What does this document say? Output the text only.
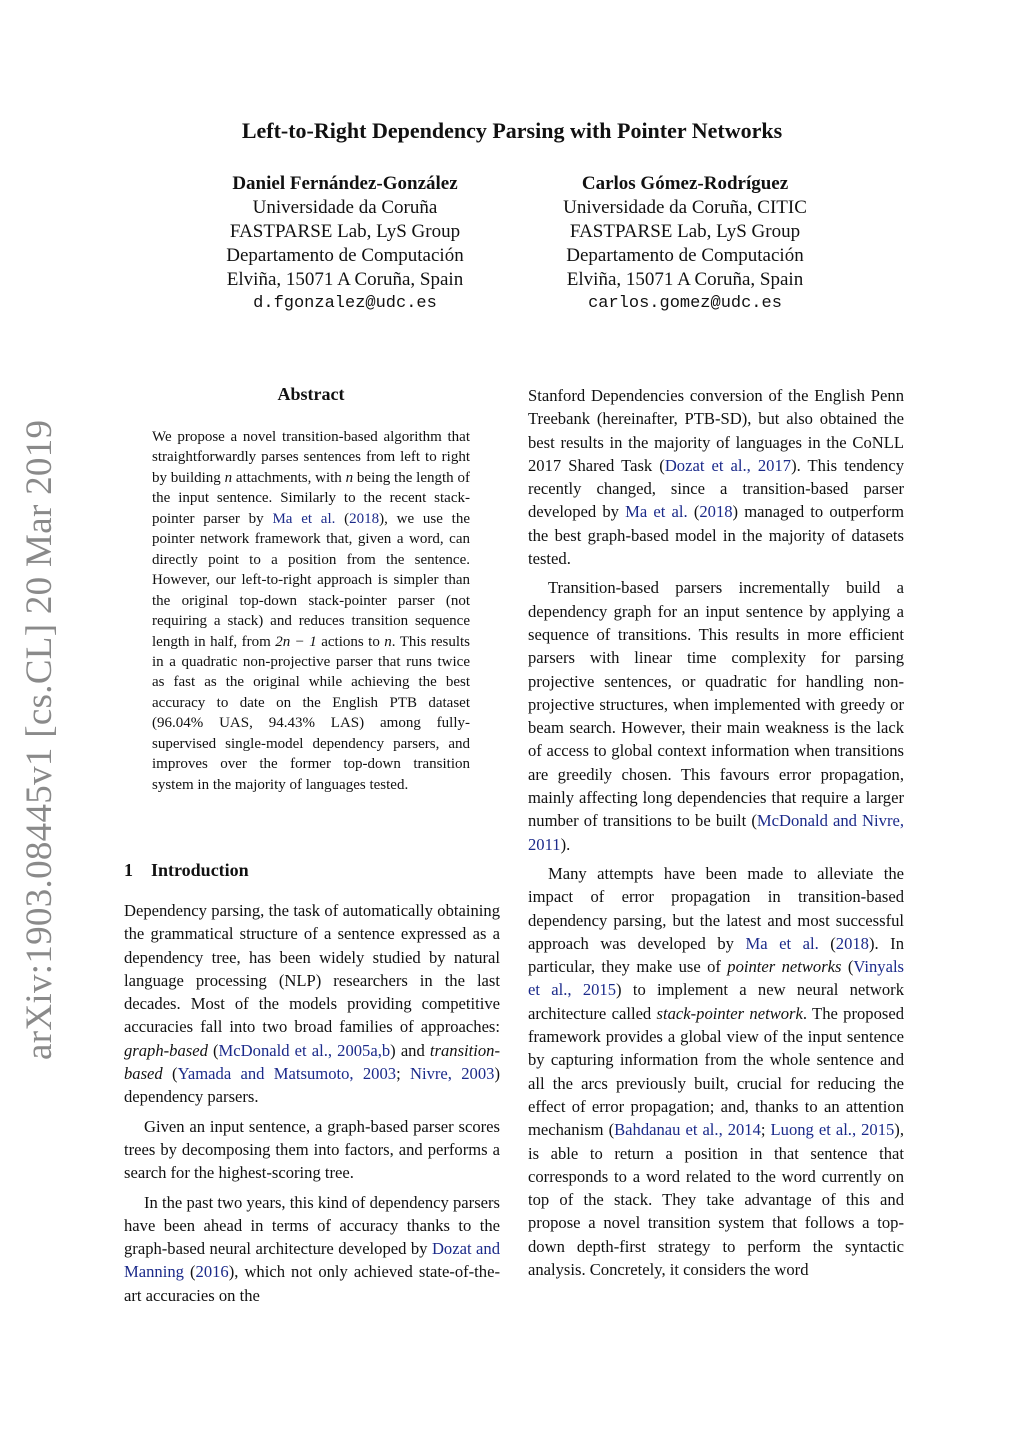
arXiv:1903.08445v1 [cs.CL] 20 Mar 2019
Left-to-Right Dependency Parsing with Pointer Networks
Daniel Fernández-González
Universidade da Coruña
FASTPARSE Lab, LyS Group
Departamento de Computación
Elviña, 15071 A Coruña, Spain
d.fgonzalez@udc.es
Carlos Gómez-Rodríguez
Universidade da Coruña, CITIC
FASTPARSE Lab, LyS Group
Departamento de Computación
Elviña, 15071 A Coruña, Spain
carlos.gomez@udc.es
Abstract
We propose a novel transition-based algorithm that straightforwardly parses sentences from left to right by building n attachments, with n being the length of the input sentence. Similarly to the recent stack-pointer parser by Ma et al. (2018), we use the pointer network framework that, given a word, can directly point to a position from the sentence. However, our left-to-right approach is simpler than the original top-down stack-pointer parser (not requiring a stack) and reduces transition sequence length in half, from 2n − 1 actions to n. This results in a quadratic non-projective parser that runs twice as fast as the original while achieving the best accuracy to date on the English PTB dataset (96.04% UAS, 94.43% LAS) among fully-supervised single-model dependency parsers, and improves over the former top-down transition system in the majority of languages tested.
1 Introduction

Dependency parsing, the task of automatically obtaining the grammatical structure of a sentence expressed as a dependency tree, has been widely studied by natural language processing (NLP) researchers in the last decades. Most of the models providing competitive accuracies fall into two broad families of approaches: graph-based (McDonald et al., 2005a,b) and transition-based (Yamada and Matsumoto, 2003; Nivre, 2003) dependency parsers.

Given an input sentence, a graph-based parser scores trees by decomposing them into factors, and performs a search for the highest-scoring tree.

In the past two years, this kind of dependency parsers have been ahead in terms of accuracy thanks to the graph-based neural architecture developed by Dozat and Manning (2016), which not only achieved state-of-the-art accuracies on the

Stanford Dependencies conversion of the English Penn Treebank (hereinafter, PTB-SD), but also obtained the best results in the majority of languages in the CoNLL 2017 Shared Task (Dozat et al., 2017). This tendency recently changed, since a transition-based parser developed by Ma et al. (2018) managed to outperform the best graph-based model in the majority of datasets tested.

Transition-based parsers incrementally build a dependency graph for an input sentence by applying a sequence of transitions. This results in more efficient parsers with linear time complexity for parsing projective sentences, or quadratic for handling non-projective structures, when implemented with greedy or beam search. However, their main weakness is the lack of access to global context information when transitions are greedily chosen. This favours error propagation, mainly affecting long dependencies that require a larger number of transitions to be built (McDonald and Nivre, 2011).

Many attempts have been made to alleviate the impact of error propagation in transition-based dependency parsing, but the latest and most successful approach was developed by Ma et al. (2018). In particular, they make use of pointer networks (Vinyals et al., 2015) to implement a new neural network architecture called stack-pointer network. The proposed framework provides a global view of the input sentence by capturing information from the whole sentence and all the arcs previously built, crucial for reducing the effect of error propagation; and, thanks to an attention mechanism (Bahdanau et al., 2014; Luong et al., 2015), is able to return a position in that sentence that corresponds to a word related to the word currently on top of the stack. They take advantage of this and propose a novel transition system that follows a top-down depth-first strategy to perform the syntactic analysis. Concretely, it considers the word
